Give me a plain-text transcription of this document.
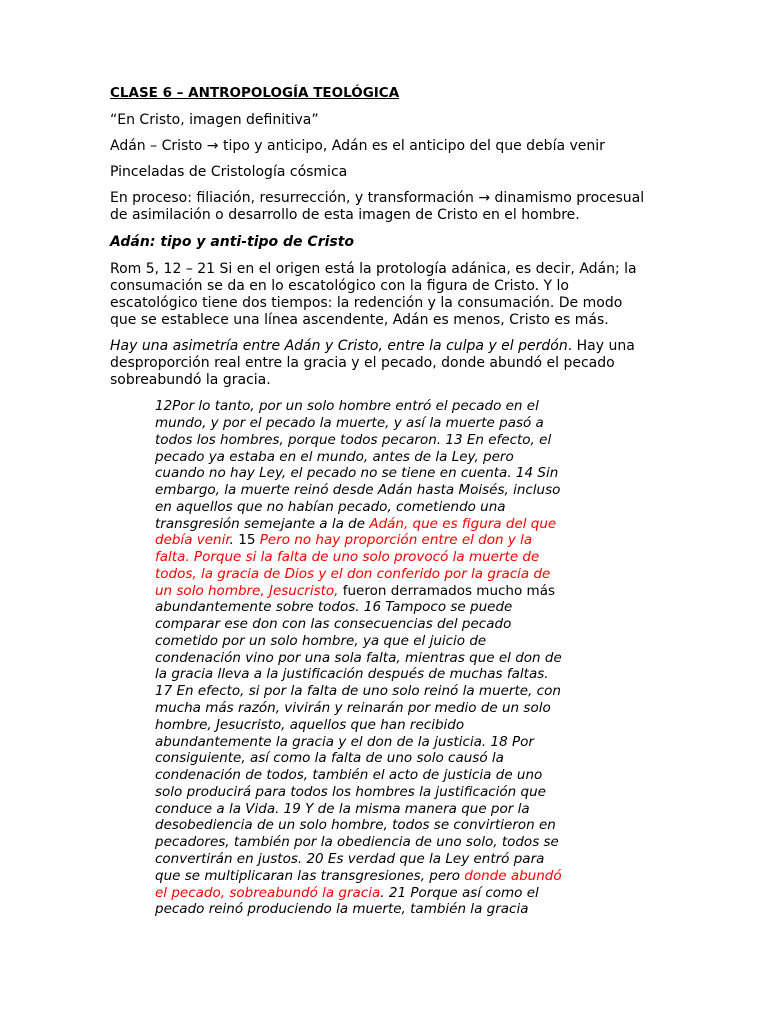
CLASE 6 – ANTROPOLOGÍA TEOLÓGICA
“En Cristo, imagen definitiva”
Adán – Cristo → tipo y anticipo, Adán es el anticipo del que debía venir
Pinceladas de Cristología cósmica
En proceso: filiación, resurrección, y transformación → dinamismo procesual
de asimilación o desarrollo de esta imagen de Cristo en el hombre.
Adán: tipo y anti-tipo de Cristo
Rom 5, 12 – 21 Si en el origen está la protología adánica, es decir, Adán; la
consumación se da en lo escatológico con la figura de Cristo. Y lo
escatológico tiene dos tiempos: la redención y la consumación. De modo
que se establece una línea ascendente, Adán es menos, Cristo es más.
Hay una asimetría entre Adán y Cristo, entre la culpa y el perdón. Hay una
desproporción real entre la gracia y el pecado, donde abundó el pecado
sobreabundó la gracia.
12Por lo tanto, por un solo hombre entró el pecado en el
mundo, y por el pecado la muerte, y así la muerte pasó a
todos los hombres, porque todos pecaron. 13 En efecto, el
pecado ya estaba en el mundo, antes de la Ley, pero
cuando no hay Ley, el pecado no se tiene en cuenta. 14 Sin
embargo, la muerte reinó desde Adán hasta Moisés, incluso
en aquellos que no habían pecado, cometiendo una
transgresión semejante a la de Adán, que es figura del que
debía venir. 15 Pero no hay proporción entre el don y la
falta. Porque si la falta de uno solo provocó la muerte de
todos, la gracia de Dios y el don conferido por la gracia de
un solo hombre, Jesucristo, fueron derramados mucho más
abundantemente sobre todos. 16 Tampoco se puede
comparar ese don con las consecuencias del pecado
cometido por un solo hombre, ya que el juicio de
condenación vino por una sola falta, mientras que el don de
la gracia lleva a la justificación después de muchas faltas.
17 En efecto, si por la falta de uno solo reinó la muerte, con
mucha más razón, vivirán y reinarán por medio de un solo
hombre, Jesucristo, aquellos que han recibido
abundantemente la gracia y el don de la justicia. 18 Por
consiguiente, así como la falta de uno solo causó la
condenación de todos, también el acto de justicia de uno
solo producirá para todos los hombres la justificación que
conduce a la Vida. 19 Y de la misma manera que por la
desobediencia de un solo hombre, todos se convirtieron en
pecadores, también por la obediencia de uno solo, todos se
convertirán en justos. 20 Es verdad que la Ley entró para
que se multiplicaran las transgresiones, pero donde abundó
el pecado, sobreabundó la gracia. 21 Porque así como el
pecado reinó produciendo la muerte, también la gracia
